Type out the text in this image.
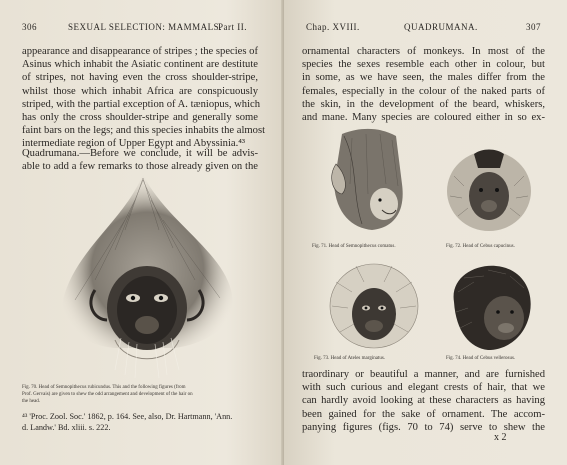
306	SEXUAL SELECTION: MAMMALS.
Part II.
appearance and disappearance of stripes ; the species of
Asinus which inhabit the Asiatic continent are destitute
of stripes, not having even the cross shoulder-stripe,
whilst those which inhabit Africa are conspicuously
striped, with the partial exception of A. tæniopus, which
has only the cross shoulder-stripe and generally some
faint bars on the legs; and this species inhabits the almost
intermediate region of Upper Egypt and Abyssinia.⁴³
Quadrumana.—Before we conclude, it will be advis-
able to add a few remarks to those already given on the
Fig. 70. Head of Semnopithecus rubicundus. This and the following figures (from
Prof. Gervais) are given to shew the odd arrangement and development of the hair on
the head.
⁴³ 'Proc. Zool. Soc.' 1862, p. 164. See, also, Dr. Hartmann, 'Ann.
d. Landw.' Bd. xliii. s. 222.
Chap. XVIII.	QUADRUMANA.	307
ornamental characters of monkeys. In most of the
species the sexes resemble each other in colour, but
in some, as we have seen, the males differ from the
females, especially in the colour of the naked parts of
the skin, in the development of the beard, whiskers,
and mane. Many species are coloured either in so ex-
Fig. 71. Head of Semnopithecus comatus.	Fig. 72. Head of Cebus capucinus.
Fig. 73. Head of Ateles marginatus.	Fig. 74. Head of Cebus vellerosus.
traordinary or beautiful a manner, and are furnished
with such curious and elegant crests of hair, that we
can hardly avoid looking at these characters as having
been gained for the sake of ornament. The accom-
panying figures (figs. 70 to 74) serve to shew the
x 2
